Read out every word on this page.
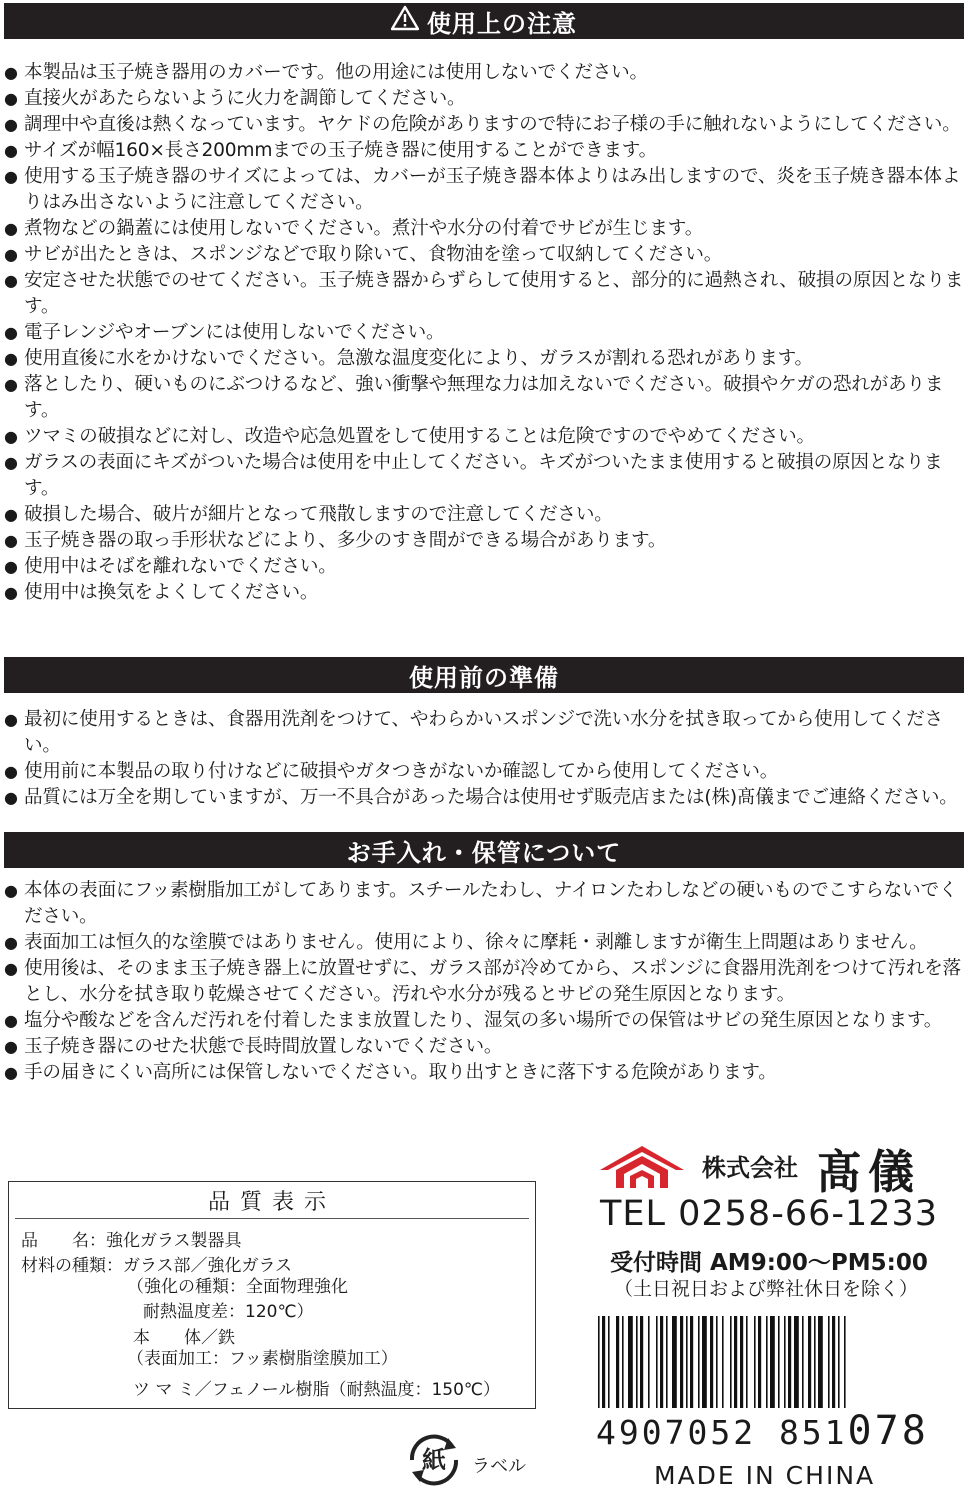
使用上の注意
● 本製品は玉子焼き器用のカバーです。他の用途には使用しないでください。
● 直接火があたらないように火力を調節してください。
● 調理中や直後は熱くなっています。ヤケドの危険がありますので特にお子様の手に触れないようにしてください。
● サイズが幅160×長さ200mmまでの玉子焼き器に使用することができます。
● 使用する玉子焼き器のサイズによっては、カバーが玉子焼き器本体よりはみ出しますので、炎を玉子焼き器本体よりはみ出さないように注意してください。
● 煮物などの鍋蓋には使用しないでください。煮汁や水分の付着でサビが生じます。
● サビが出たときは、スポンジなどで取り除いて、食物油を塗って収納してください。
● 安定させた状態でのせてください。玉子焼き器からずらして使用すると、部分的に過熱され、破損の原因となります。
● 電子レンジやオーブンには使用しないでください。
● 使用直後に水をかけないでください。急激な温度変化により、ガラスが割れる恐れがあります。
● 落としたり、硬いものにぶつけるなど、強い衝撃や無理な力は加えないでください。破損やケガの恐れがあります。
● ツマミの破損などに対し、改造や応急処置をして使用することは危険ですのでやめてください。
● ガラスの表面にキズがついた場合は使用を中止してください。キズがついたまま使用すると破損の原因となります。
● 破損した場合、破片が細片となって飛散しますので注意してください。
● 玉子焼き器の取っ手形状などにより、多少のすき間ができる場合があります。
● 使用中はそばを離れないでください。
● 使用中は換気をよくしてください。
使用前の準備
● 最初に使用するときは、食器用洗剤をつけて、やわらかいスポンジで洗い水分を拭き取ってから使用してください。
● 使用前に本製品の取り付けなどに破損やガタつきがないか確認してから使用してください。
● 品質には万全を期していますが、万一不具合があった場合は使用せず販売店または(株)髙儀までご連絡ください。
お手入れ・保管について
● 本体の表面にフッ素樹脂加工がしてあります。スチールたわし、ナイロンたわしなどの硬いものでこすらないでください。
● 表面加工は恒久的な塗膜ではありません。使用により、徐々に摩耗・剥離しますが衛生上問題はありません。
● 使用後は、そのまま玉子焼き器上に放置せずに、ガラス部が冷めてから、スポンジに食器用洗剤をつけて汚れを落とし、水分を拭き取り乾燥させてください。汚れや水分が残るとサビの発生原因となります。
● 塩分や酸などを含んだ汚れを付着したまま放置したり、湿気の多い場所での保管はサビの発生原因となります。
● 玉子焼き器にのせた状態で長時間放置しないでください。
● 手の届きにくい高所には保管しないでください。取り出すときに落下する危険があります。
品質表示
品　　名：強化ガラス製器具
材料の種類：ガラス部／強化ガラス
（強化の種類：全面物理強化
耐熱温度差：120℃）
本　　体／鉄
（表面加工：フッ素樹脂塗膜加工）
ツ マ ミ／フェノール樹脂（耐熱温度：150℃）
紙 ラベル
株式会社 髙儀
TEL 0258-66-1233
受付時間 AM9:00〜PM5:00
（土日祝日および弊社休日を除く）
4907052 851078
MADE IN CHINA
